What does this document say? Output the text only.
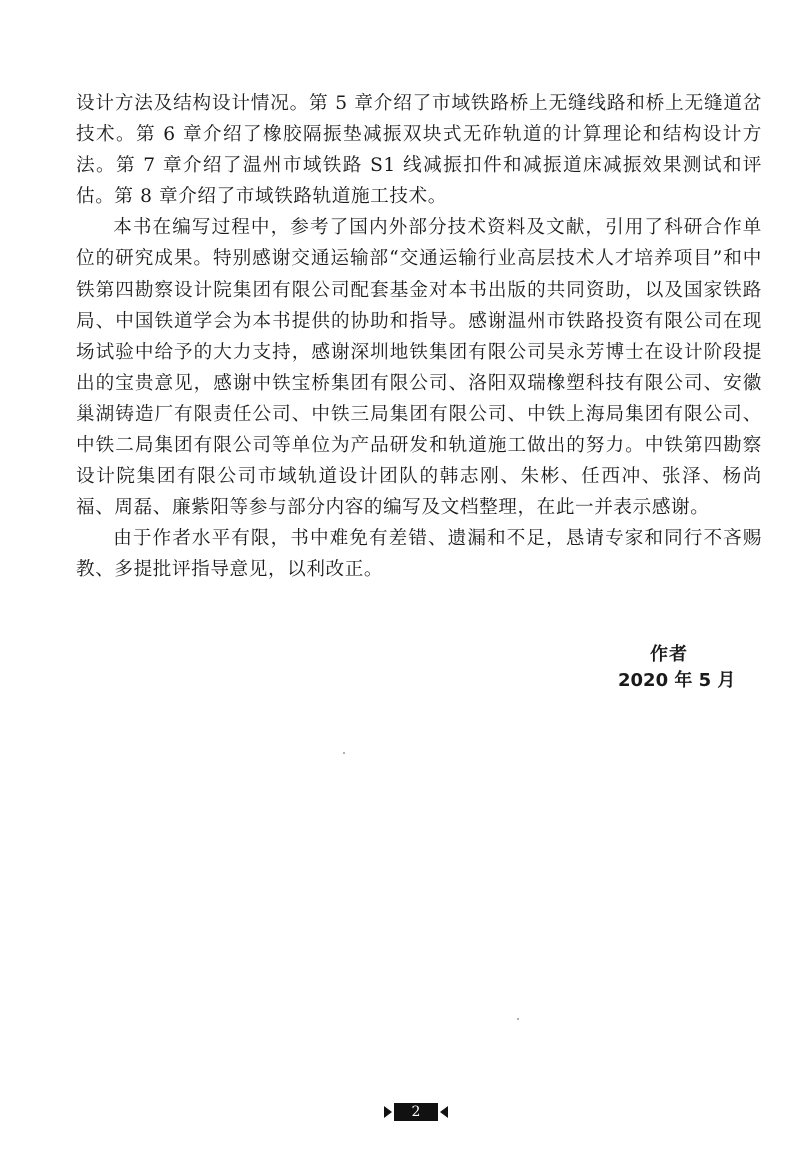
设计方法及结构设计情况。第 5 章介绍了市域铁路桥上无缝线路和桥上无缝道岔技术。第 6 章介绍了橡胶隔振垫减振双块式无砟轨道的计算理论和结构设计方法。第 7 章介绍了温州市域铁路 S1 线减振扣件和减振道床减振效果测试和评估。第 8 章介绍了市域铁路轨道施工技术。

本书在编写过程中，参考了国内外部分技术资料及文献，引用了科研合作单位的研究成果。特别感谢交通运输部“交通运输行业高层技术人才培养项目”和中铁第四勘察设计院集团有限公司配套基金对本书出版的共同资助，以及国家铁路局、中国铁道学会为本书提供的协助和指导。感谢温州市铁路投资有限公司在现场试验中给予的大力支持，感谢深圳地铁集团有限公司吴永芳博士在设计阶段提出的宝贵意见，感谢中铁宝桥集团有限公司、洛阳双瑞橡塑科技有限公司、安徽巢湖铸造厂有限责任公司、中铁三局集团有限公司、中铁上海局集团有限公司、中铁二局集团有限公司等单位为产品研发和轨道施工做出的努力。中铁第四勘察设计院集团有限公司市域轨道设计团队的韩志刚、朱彬、任西冲、张泽、杨尚福、周磊、廉紫阳等参与部分内容的编写及文档整理，在此一并表示感谢。

由于作者水平有限，书中难免有差错、遗漏和不足，恳请专家和同行不吝赐教、多提批评指导意见，以利改正。

作者
2020 年 5 月
2
